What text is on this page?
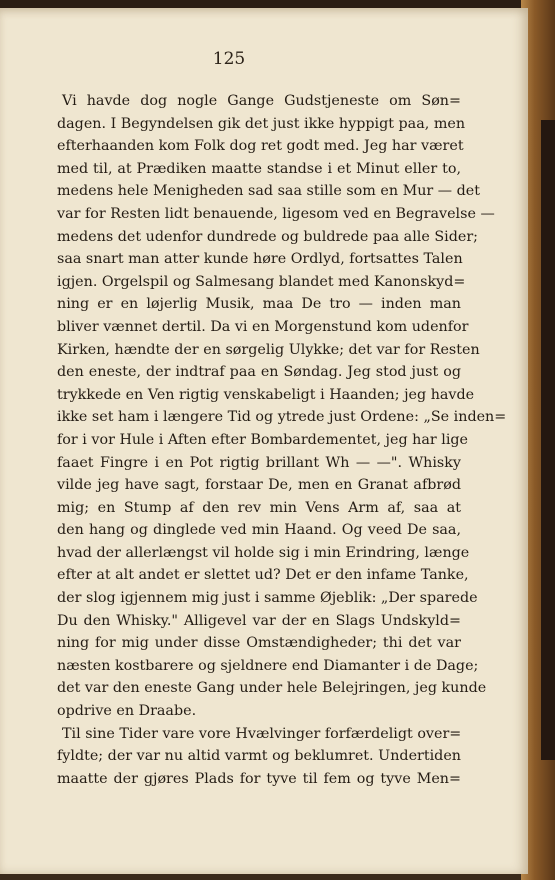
125
Vi havde dog nogle Gange Gudstjeneste om Søn=
dagen. I Begyndelsen gik det just ikke hyppigt paa, men
efterhaanden kom Folk dog ret godt med. Jeg har været
med til, at Prædiken maatte standse i et Minut eller to,
medens hele Menigheden sad saa stille som en Mur — det
var for Resten lidt benauende, ligesom ved en Begravelse —
medens det udenfor dundrede og buldrede paa alle Sider;
saa snart man atter kunde høre Ordlyd, fortsattes Talen
igjen. Orgelspil og Salmesang blandet med Kanonskyd=
ning er en løjerlig Musik, maa De tro — inden man
bliver vænnet dertil. Da vi en Morgenstund kom udenfor
Kirken, hændte der en sørgelig Ulykke; det var for Resten
den eneste, der indtraf paa en Søndag. Jeg stod just og
trykkede en Ven rigtig venskabeligt i Haanden; jeg havde
ikke set ham i længere Tid og ytrede just Ordene: „Se inden=
for i vor Hule i Aften efter Bombardementet, jeg har lige
faaet Fingre i en Pot rigtig brillant Wh — —". Whisky
vilde jeg have sagt, forstaar De, men en Granat afbrød
mig; en Stump af den rev min Vens Arm af, saa at
den hang og dinglede ved min Haand. Og veed De saa,
hvad der allerlængst vil holde sig i min Erindring, længe
efter at alt andet er slettet ud? Det er den infame Tanke,
der slog igjennem mig just i samme Øjeblik: „Der sparede
Du den Whisky." Alligevel var der en Slags Undskyld=
ning for mig under disse Omstændigheder; thi det var
næsten kostbarere og sjeldnere end Diamanter i de Dage;
det var den eneste Gang under hele Belejringen, jeg kunde
opdrive en Draabe.
Til sine Tider vare vore Hvælvinger forfærdeligt over=
fyldte; der var nu altid varmt og beklumret. Undertiden
maatte der gjøres Plads for tyve til fem og tyve Men=
